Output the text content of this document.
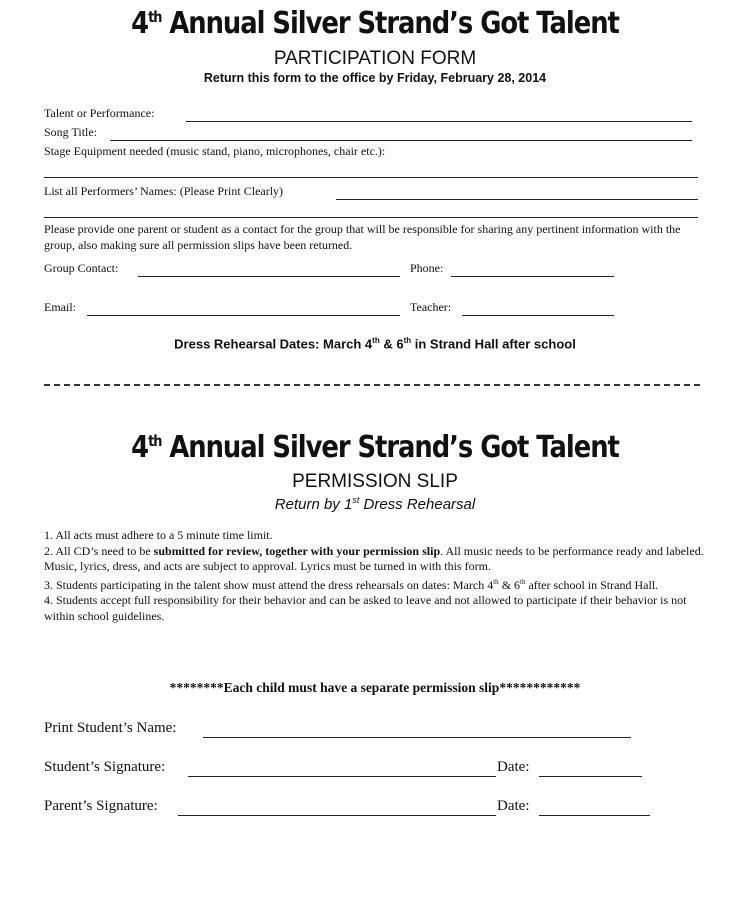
4th Annual Silver Strand’s Got Talent
PARTICIPATION FORM
Return this form to the office by Friday, February 28, 2014
Talent or Performance:
Song Title:
Stage Equipment needed (music stand, piano, microphones, chair etc.):
List all Performers’ Names: (Please Print Clearly)
Please provide one parent or student as a contact for the group that will be responsible for sharing any pertinent information with the group, also making sure all permission slips have been returned.
Group Contact:	Phone:
Email:	Teacher:
Dress Rehearsal Dates: March 4th & 6th in Strand Hall after school
4th Annual Silver Strand’s Got Talent
PERMISSION SLIP
Return by 1st Dress Rehearsal
1. All acts must adhere to a 5 minute time limit.
2. All CD’s need to be submitted for review, together with your permission slip. All music needs to be performance ready and labeled. Music, lyrics, dress, and acts are subject to approval. Lyrics must be turned in with this form.
3. Students participating in the talent show must attend the dress rehearsals on dates: March 4th & 6th after school in Strand Hall.
4. Students accept full responsibility for their behavior and can be asked to leave and not allowed to participate if their behavior is not within school guidelines.
********Each child must have a separate permission slip************
Print Student’s Name:
Student’s Signature:	Date:
Parent’s Signature:	Date:
